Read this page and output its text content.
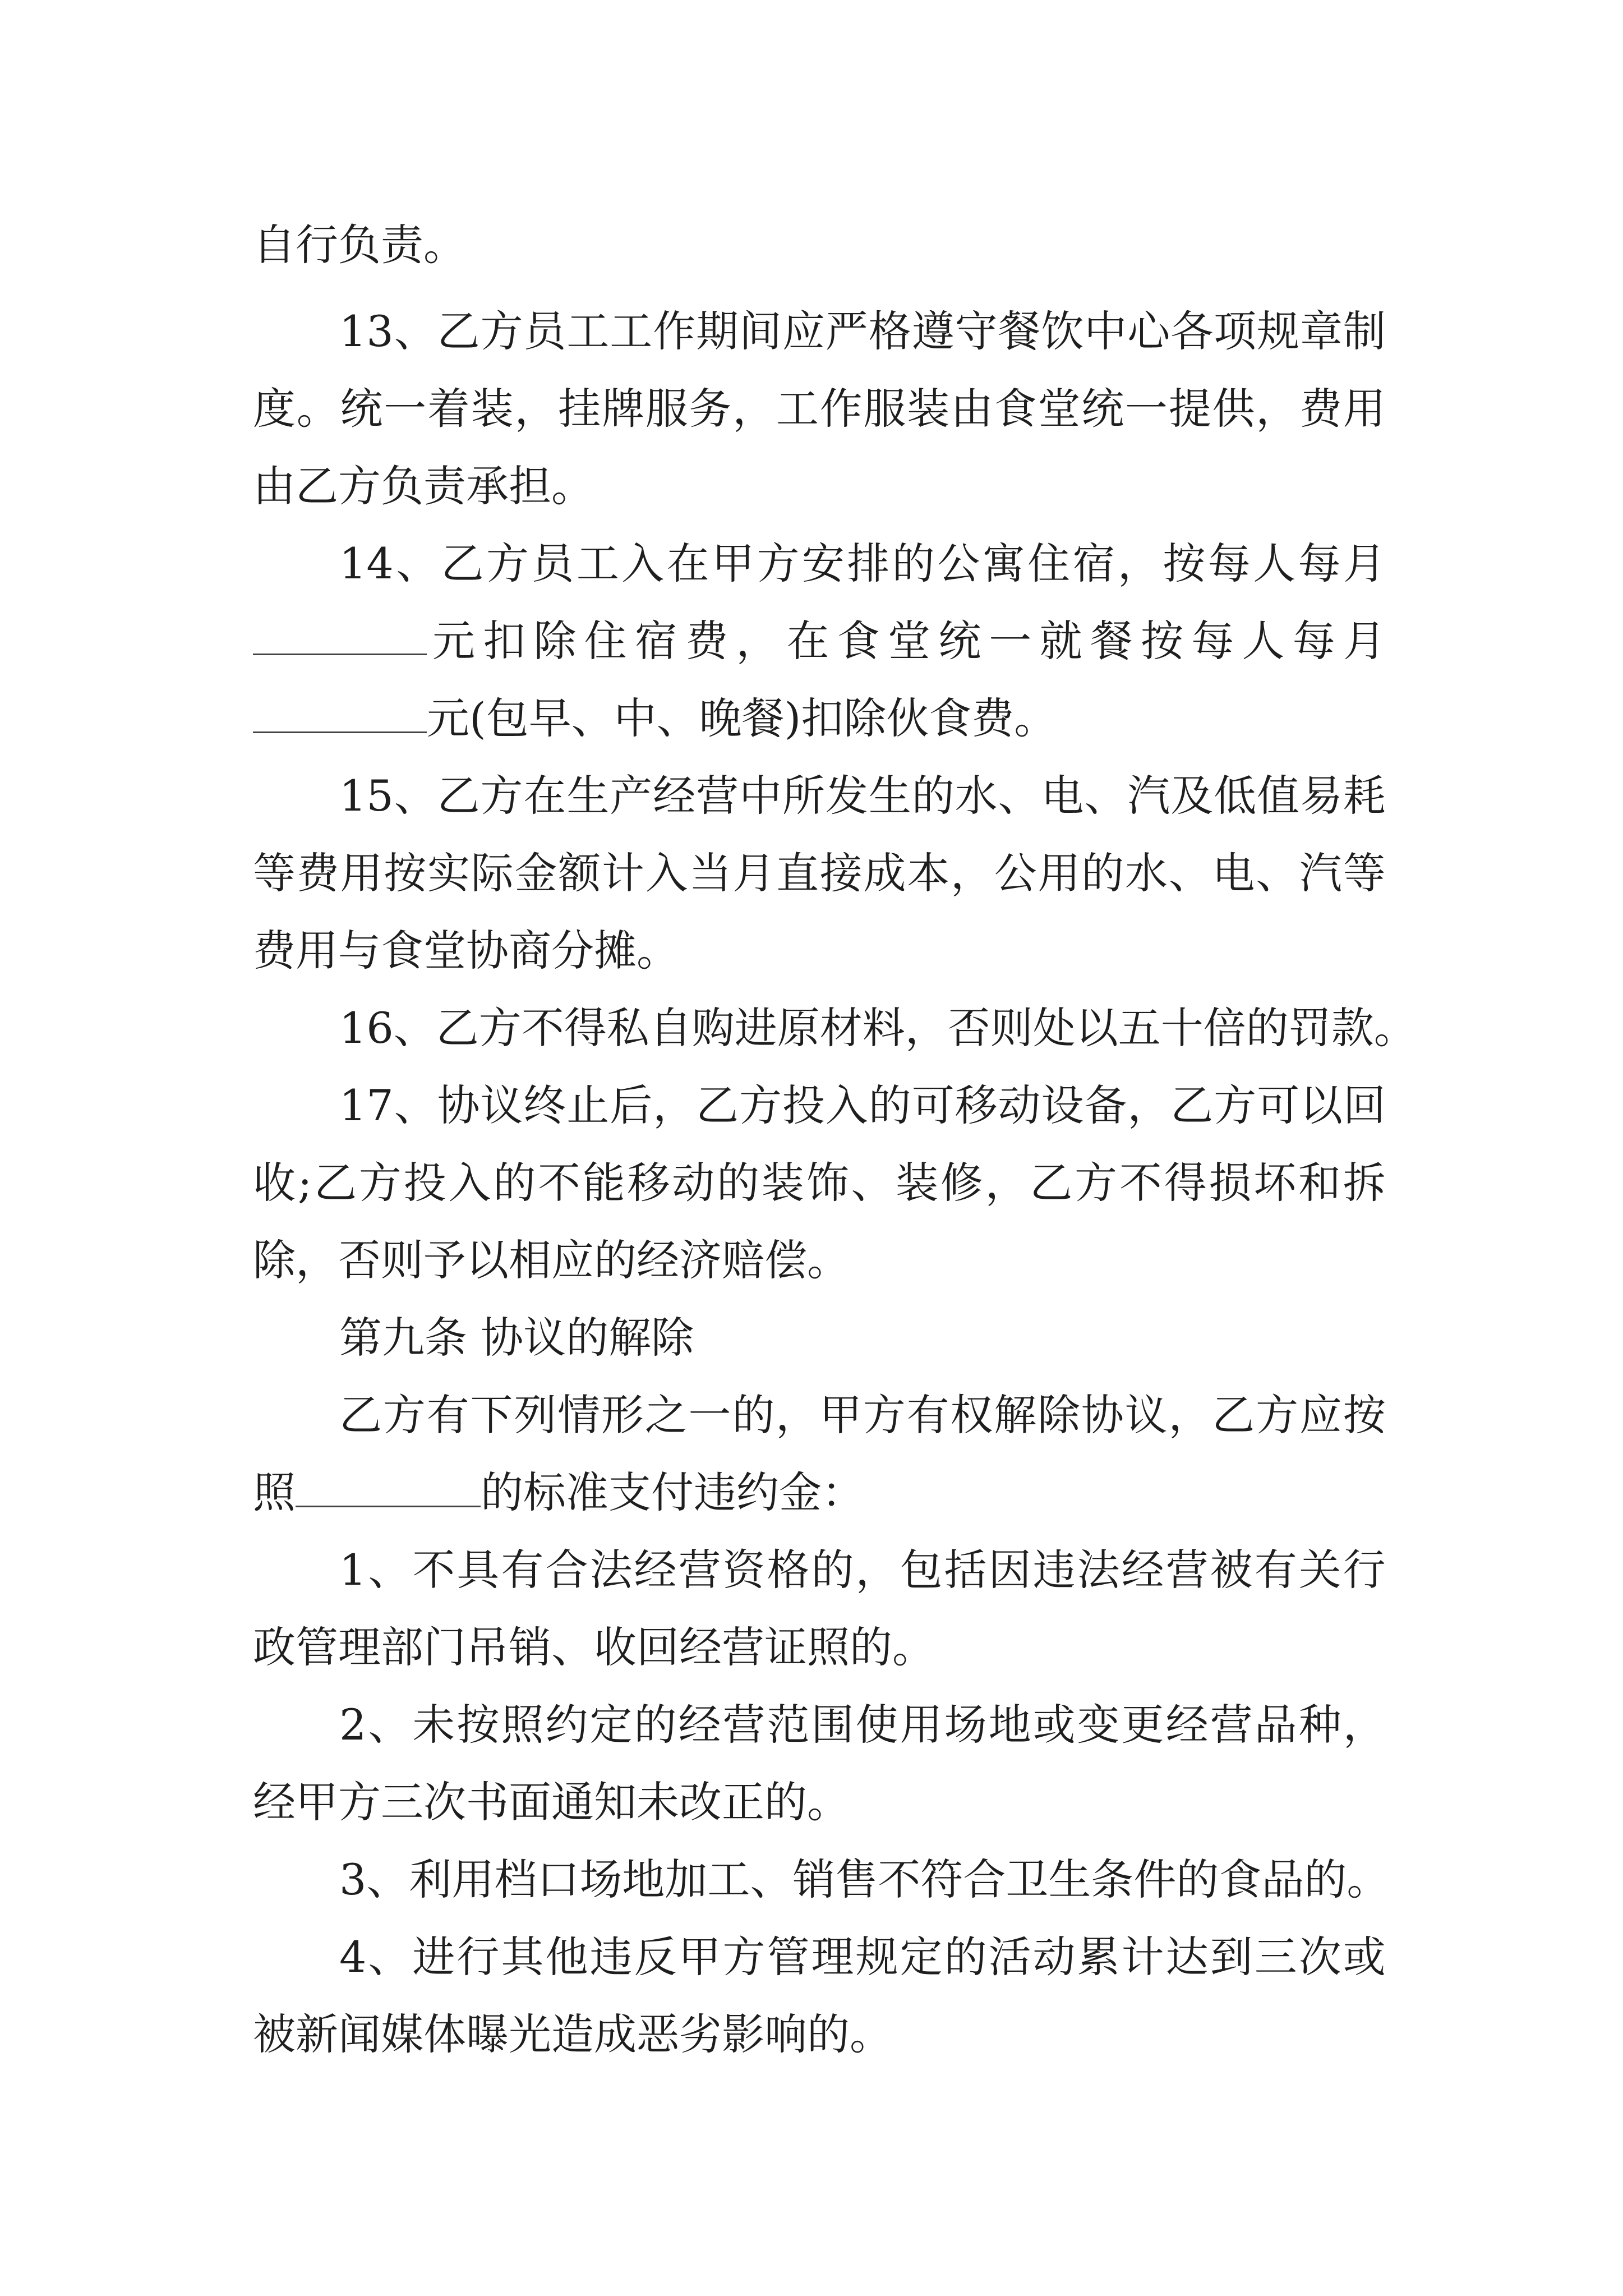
自行负责。
13 、 乙 方 员 工 工 作 期 间 应 严 格 遵 守 餐 饮 中 心 各 项 规 章 制
度 。 统 一 着 装 ， 挂 牌 服 务 ， 工 作 服 装 由 食 堂 统 一 提 供 ， 费 用
由乙方负责承担。
14 、 乙 方 员 工 入 在 甲 方 安 排 的 公 寓 住 宿 ， 按 每 人 每 月
元 扣 除 住 宿 费 ， 在 食 堂 统 一 就 餐 按 每 人 每 月
元(包早、中、晚餐)扣除伙食费。
15 、 乙 方 在 生 产 经 营 中 所 发 生 的 水 、 电 、 汽 及 低 值 易 耗
等 费 用 按 实 际 金 额 计 入 当 月 直 接 成 本 ， 公 用 的 水 、 电 、 汽 等
费用与食堂协商分摊。
16 、 乙 方 不 得 私 自 购 进 原 材 料 ， 否 则 处 以 五 十 倍 的 罚 款 。
17 、 协 议 终 止 后 ， 乙 方 投 入 的 可 移 动 设 备 ， 乙 方 可 以 回
收 ; 乙 方 投 入 的 不 能 移 动 的 装 饰 、 装 修 ， 乙 方 不 得 损 坏 和 拆
除，否则予以相应的经济赔偿。
第九条 协议的解除
乙 方 有 下 列 情 形 之 一 的 ， 甲 方 有 权 解 除 协 议 ， 乙 方 应 按
照	的标准支付违约金：
1 、 不 具 有 合 法 经 营 资 格 的 ， 包 括 因 违 法 经 营 被 有 关 行
政管理部门吊销、收回经营证照的。
2 、 未 按 照 约 定 的 经 营 范 围 使 用 场 地 或 变 更 经 营 品 种 ，
经甲方三次书面通知未改正的。
3 、 利 用 档 口 场 地 加 工 、 销 售 不 符 合 卫 生 条 件 的 食 品 的 。
4 、 进 行 其 他 违 反 甲 方 管 理 规 定 的 活 动 累 计 达 到 三 次 或
被新闻媒体曝光造成恶劣影响的。
